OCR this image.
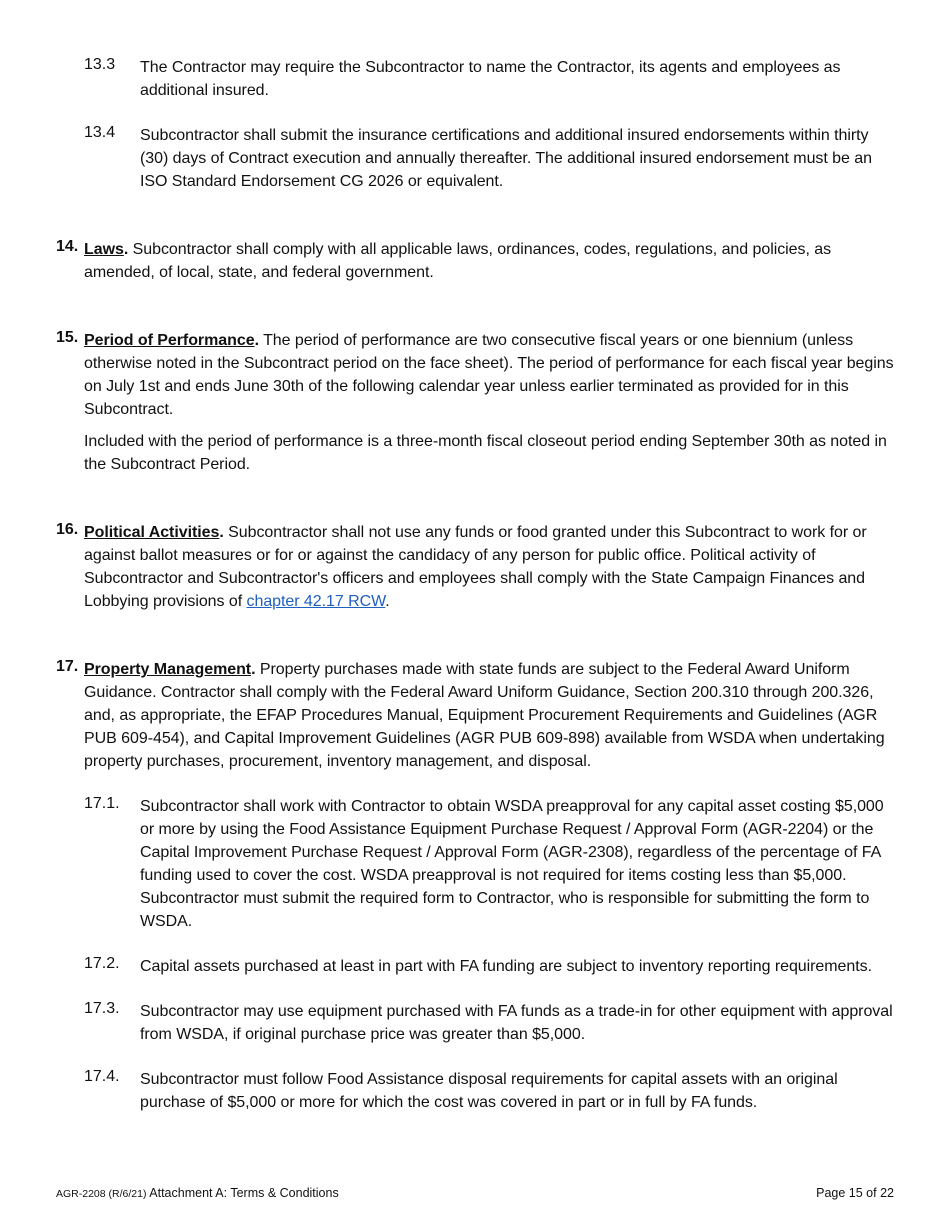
13.3 The Contractor may require the Subcontractor to name the Contractor, its agents and employees as additional insured.

13.4 Subcontractor shall submit the insurance certifications and additional insured endorsements within thirty (30) days of Contract execution and annually thereafter. The additional insured endorsement must be an ISO Standard Endorsement CG 2026 or equivalent.

14. Laws. Subcontractor shall comply with all applicable laws, ordinances, codes, regulations, and policies, as amended, of local, state, and federal government.

15. Period of Performance. The period of performance are two consecutive fiscal years or one biennium (unless otherwise noted in the Subcontract period on the face sheet). The period of performance for each fiscal year begins on July 1st and ends June 30th of the following calendar year unless earlier terminated as provided for in this Subcontract.

Included with the period of performance is a three-month fiscal closeout period ending September 30th as noted in the Subcontract Period.

16. Political Activities. Subcontractor shall not use any funds or food granted under this Subcontract to work for or against ballot measures or for or against the candidacy of any person for public office. Political activity of Subcontractor and Subcontractor's officers and employees shall comply with the State Campaign Finances and Lobbying provisions of chapter 42.17 RCW.

17. Property Management. Property purchases made with state funds are subject to the Federal Award Uniform Guidance. Contractor shall comply with the Federal Award Uniform Guidance, Section 200.310 through 200.326, and, as appropriate, the EFAP Procedures Manual, Equipment Procurement Requirements and Guidelines (AGR PUB 609-454), and Capital Improvement Guidelines (AGR PUB 609-898) available from WSDA when undertaking property purchases, procurement, inventory management, and disposal.

17.1. Subcontractor shall work with Contractor to obtain WSDA preapproval for any capital asset costing $5,000 or more by using the Food Assistance Equipment Purchase Request / Approval Form (AGR-2204) or the Capital Improvement Purchase Request / Approval Form (AGR-2308), regardless of the percentage of FA funding used to cover the cost. WSDA preapproval is not required for items costing less than $5,000. Subcontractor must submit the required form to Contractor, who is responsible for submitting the form to WSDA.

17.2. Capital assets purchased at least in part with FA funding are subject to inventory reporting requirements.

17.3. Subcontractor may use equipment purchased with FA funds as a trade-in for other equipment with approval from WSDA, if original purchase price was greater than $5,000.

17.4. Subcontractor must follow Food Assistance disposal requirements for capital assets with an original purchase of $5,000 or more for which the cost was covered in part or in full by FA funds.

AGR-2208 (R/6/21) Attachment A: Terms & Conditions	Page 15 of 22
